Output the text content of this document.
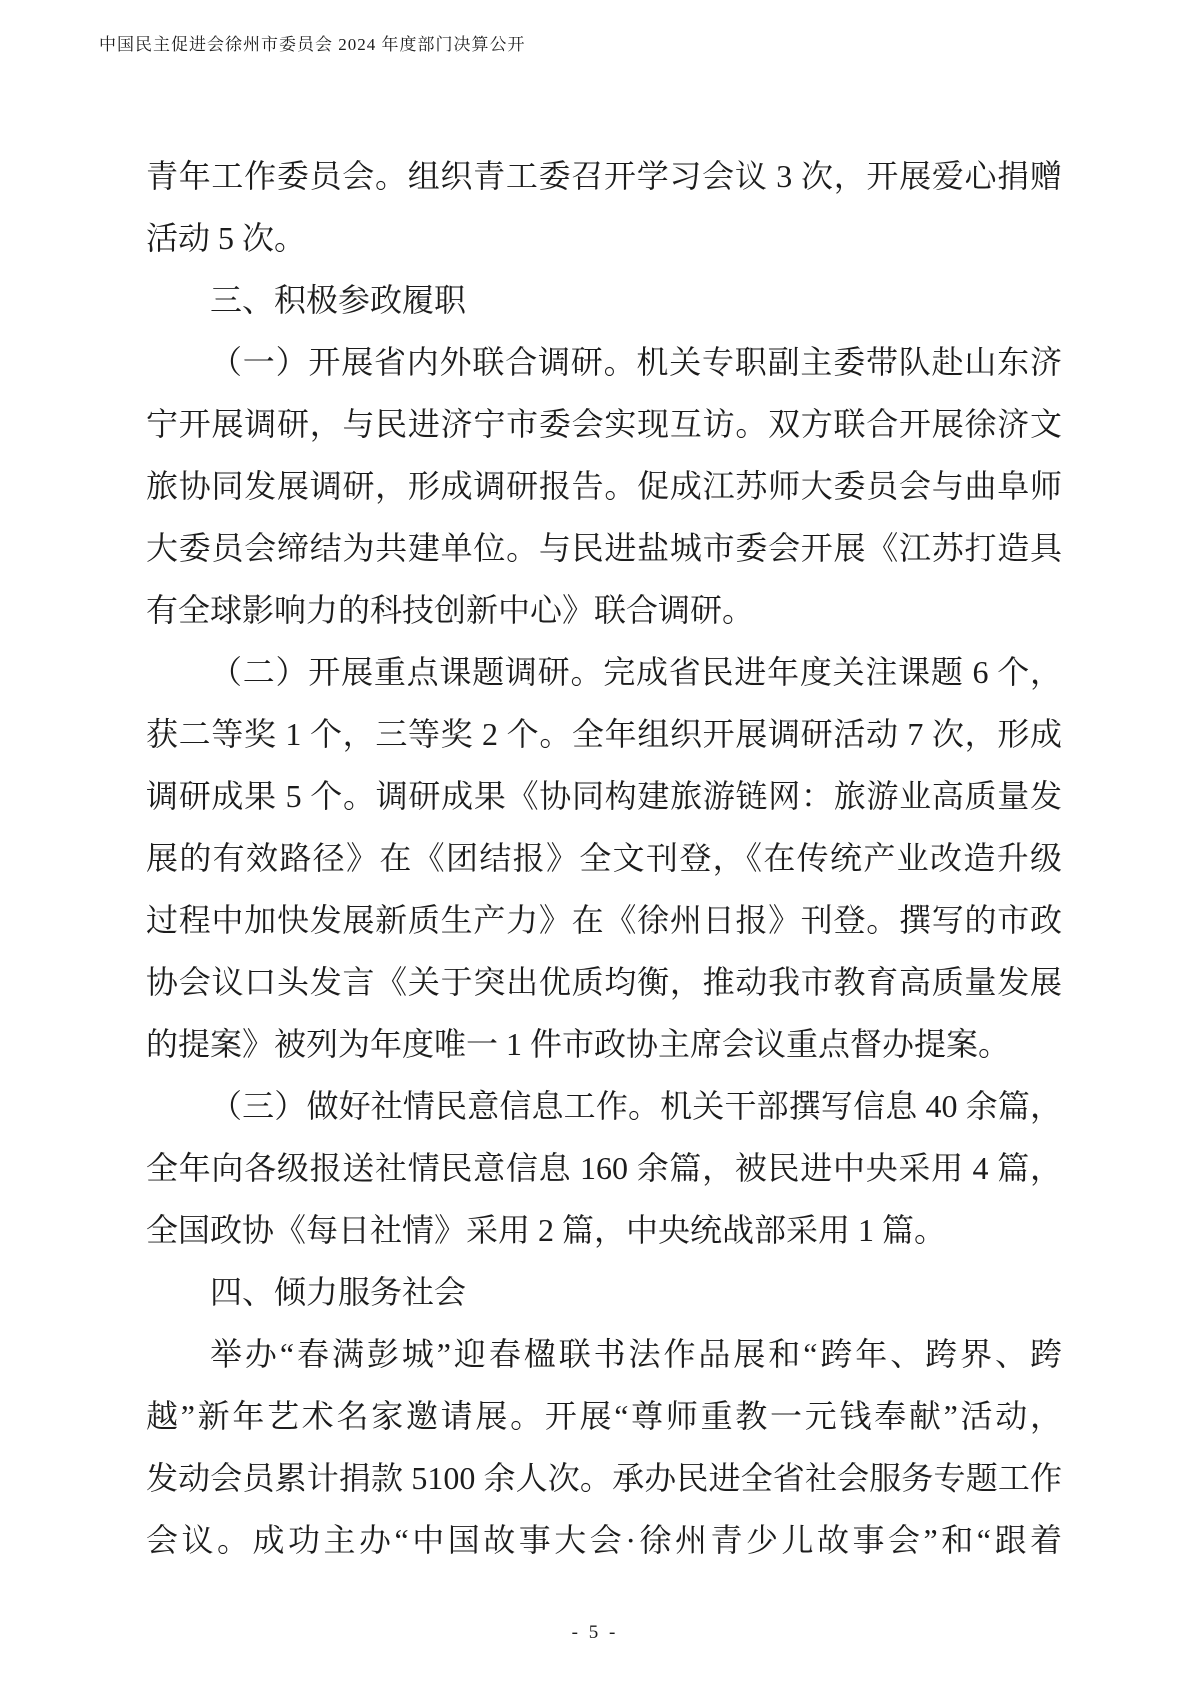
中国民主促进会徐州市委员会 2024 年度部门决算公开
青年工作委员会。组织青工委召开学习会议 3 次，开展爱心捐赠
活动 5 次。
三、积极参政履职
（一）开展省内外联合调研。机关专职副主委带队赴山东济
宁开展调研，与民进济宁市委会实现互访。双方联合开展徐济文
旅协同发展调研，形成调研报告。促成江苏师大委员会与曲阜师
大委员会缔结为共建单位。与民进盐城市委会开展《江苏打造具
有全球影响力的科技创新中心》联合调研。
（二）开展重点课题调研。完成省民进年度关注课题 6 个，
获二等奖 1 个，三等奖 2 个。全年组织开展调研活动 7 次，形成
调研成果 5 个。调研成果《协同构建旅游链网：旅游业高质量发
展的有效路径》在《团结报》全文刊登，《在传统产业改造升级
过程中加快发展新质生产力》在《徐州日报》刊登。撰写的市政
协会议口头发言《关于突出优质均衡，推动我市教育高质量发展
的提案》被列为年度唯一 1 件市政协主席会议重点督办提案。
（三）做好社情民意信息工作。机关干部撰写信息 40 余篇，
全年向各级报送社情民意信息 160 余篇，被民进中央采用 4 篇，
全国政协《每日社情》采用 2 篇，中央统战部采用 1 篇。
四、倾力服务社会
举办“春满彭城”迎春楹联书法作品展和“跨年、跨界、跨
越”新年艺术名家邀请展。开展“尊师重教一元钱奉献”活动，
发动会员累计捐款 5100 余人次。承办民进全省社会服务专题工作
会议。成功主办“中国故事大会·徐州青少儿故事会”和“跟着
- 5 -
